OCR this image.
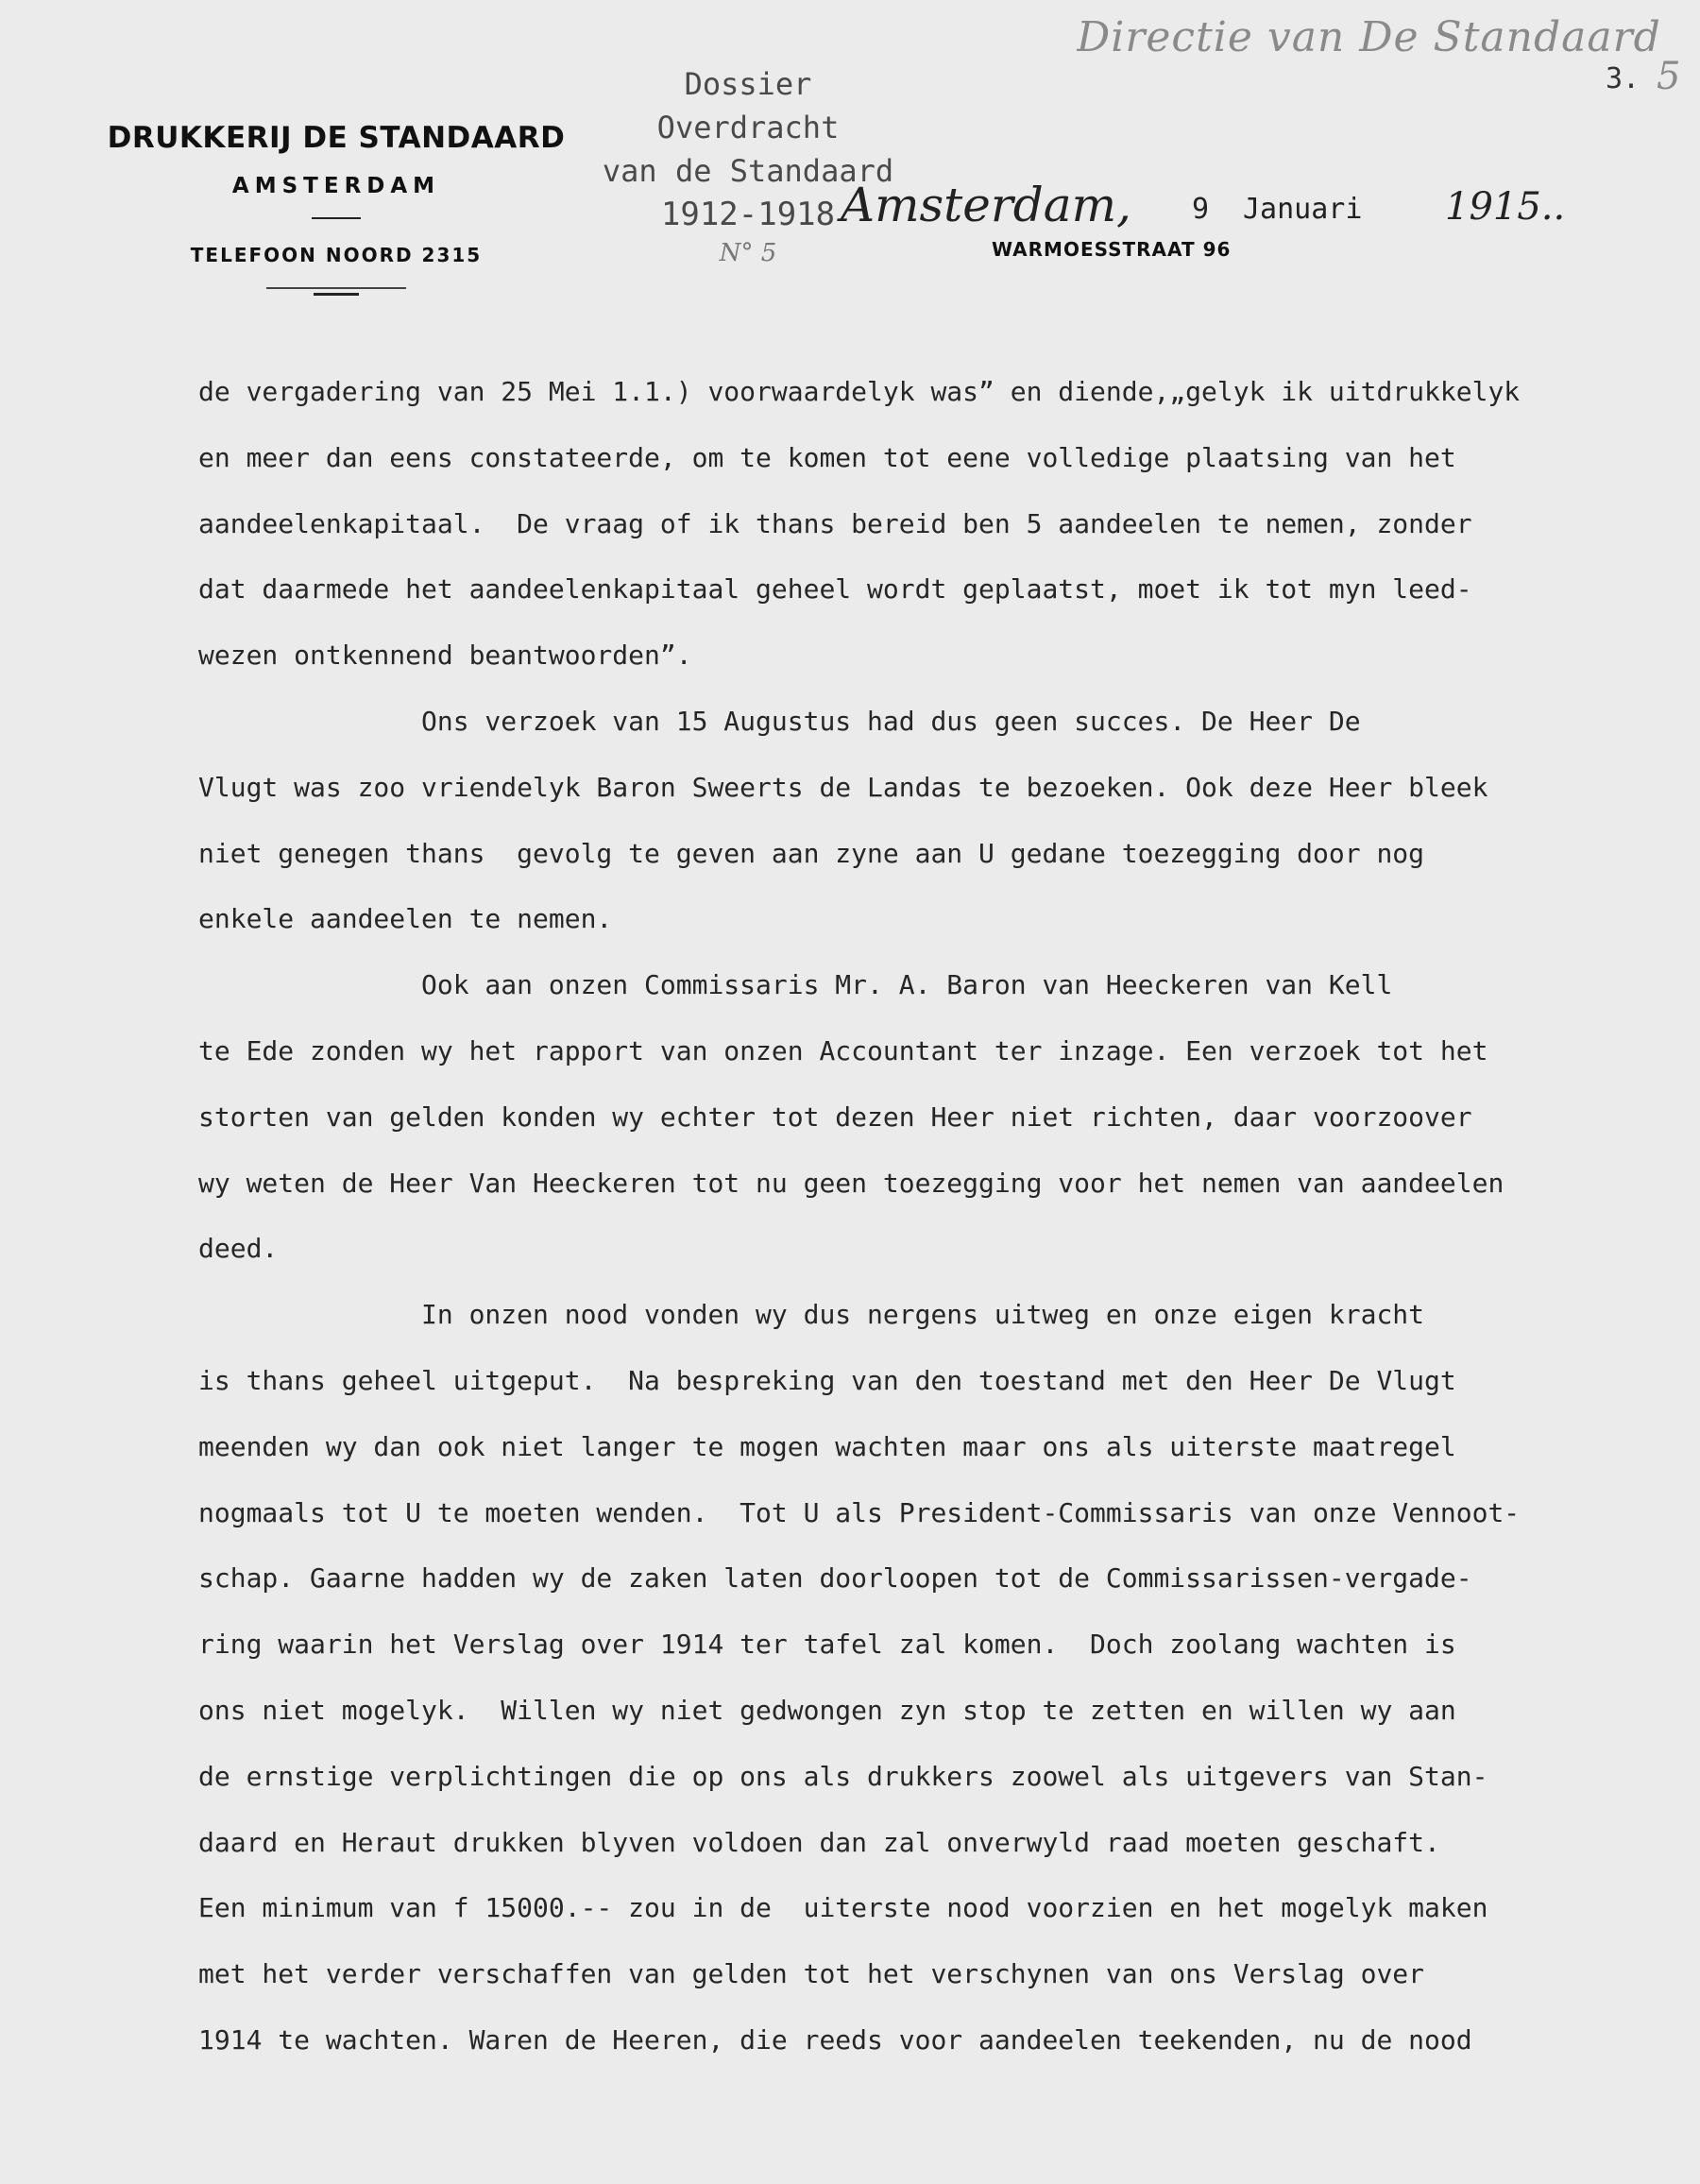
Directie van De Standaard
3. 5
DRUKKERIJ DE STANDAARD
AMSTERDAM
TELEFOON NOORD 2315
Dossier
Overdracht
van de Standaard
1912-1918
N° 5
Amsterdam, 9 Januari 1915..
WARMOESSTRAAT 96
de vergadering van 25 Mei 1.1.) voorwaardelyk was” en diende,„gelyk ik uitdrukkelyk
en meer dan eens constateerde, om te komen tot eene volledige plaatsing van het
aandeelenkapitaal.  De vraag of ik thans bereid ben 5 aandeelen te nemen, zonder
dat daarmede het aandeelenkapitaal geheel wordt geplaatst, moet ik tot myn leed-
wezen ontkennend beantwoorden”.
Ons verzoek van 15 Augustus had dus geen succes. De Heer De
Vlugt was zoo vriendelyk Baron Sweerts de Landas te bezoeken. Ook deze Heer bleek
niet genegen thans  gevolg te geven aan zyne aan U gedane toezegging door nog
enkele aandeelen te nemen.
Ook aan onzen Commissaris Mr. A. Baron van Heeckeren van Kell
te Ede zonden wy het rapport van onzen Accountant ter inzage. Een verzoek tot het
storten van gelden konden wy echter tot dezen Heer niet richten, daar voorzoover
wy weten de Heer Van Heeckeren tot nu geen toezegging voor het nemen van aandeelen
deed.
In onzen nood vonden wy dus nergens uitweg en onze eigen kracht
is thans geheel uitgeput.  Na bespreking van den toestand met den Heer De Vlugt
meenden wy dan ook niet langer te mogen wachten maar ons als uiterste maatregel
nogmaals tot U te moeten wenden.  Tot U als President-Commissaris van onze Vennoot-
schap. Gaarne hadden wy de zaken laten doorloopen tot de Commissarissen-vergade-
ring waarin het Verslag over 1914 ter tafel zal komen.  Doch zoolang wachten is
ons niet mogelyk.  Willen wy niet gedwongen zyn stop te zetten en willen wy aan
de ernstige verplichtingen die op ons als drukkers zoowel als uitgevers van Stan-
daard en Heraut drukken blyven voldoen dan zal onverwyld raad moeten geschaft.
Een minimum van f 15000.-- zou in de  uiterste nood voorzien en het mogelyk maken
met het verder verschaffen van gelden tot het verschynen van ons Verslag over
1914 te wachten. Waren de Heeren, die reeds voor aandeelen teekenden, nu de nood
